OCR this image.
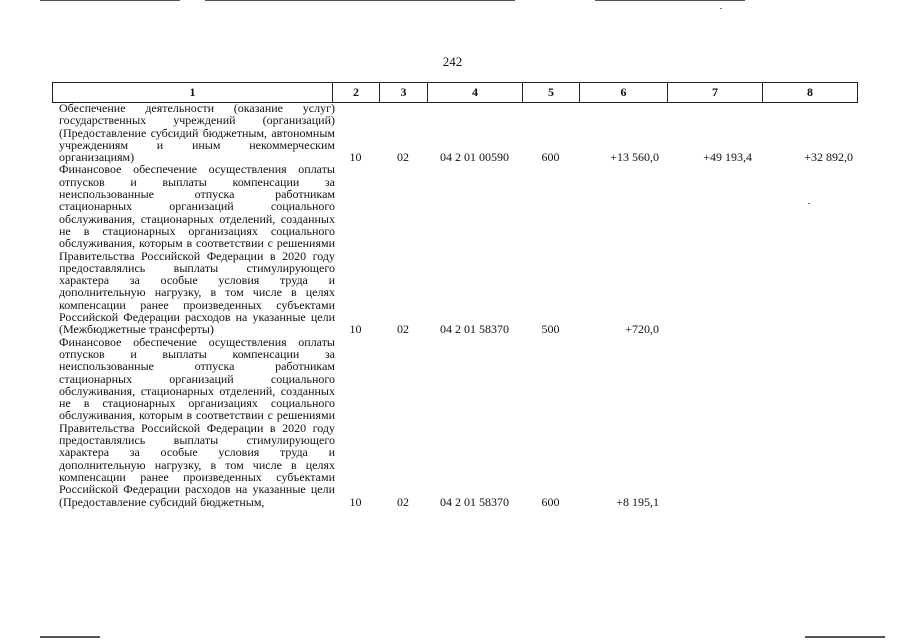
242
1	2	3	4	5	6	7	8
Обеспечение деятельности (оказание услуг) государственных учреждений (организаций) (Предоставление субсидий бюджетным, автономным учреждениям и иным некоммерческим организациям)	10	02	04 2 01 00590	600	+13 560,0	+49 193,4	+32 892,0
Финансовое обеспечение осуществления оплаты отпусков и выплаты компенсации за неиспользованные отпуска работникам стационарных организаций социального обслуживания, стационарных отделений, созданных не в стационарных организациях социального обслуживания, которым в соответствии с решениями Правительства Российской Федерации в 2020 году предоставлялись выплаты стимулирующего характера за особые условия труда и дополнительную нагрузку, в том числе в целях компенсации ранее произведенных субъектами Российской Федерации расходов на указанные цели (Межбюджетные трансферты)	10	02	04 2 01 58370	500	+720,0
Финансовое обеспечение осуществления оплаты отпусков и выплаты компенсации за неиспользованные отпуска работникам стационарных организаций социального обслуживания, стационарных отделений, созданных не в стационарных организациях социального обслуживания, которым в соответствии с решениями Правительства Российской Федерации в 2020 году предоставлялись выплаты стимулирующего характера за особые условия труда и дополнительную нагрузку, в том числе в целях компенсации ранее произведенных субъектами Российской Федерации расходов на указанные цели (Предоставление субсидий бюджетным,	10	02	04 2 01 58370	600	+8 195,1
